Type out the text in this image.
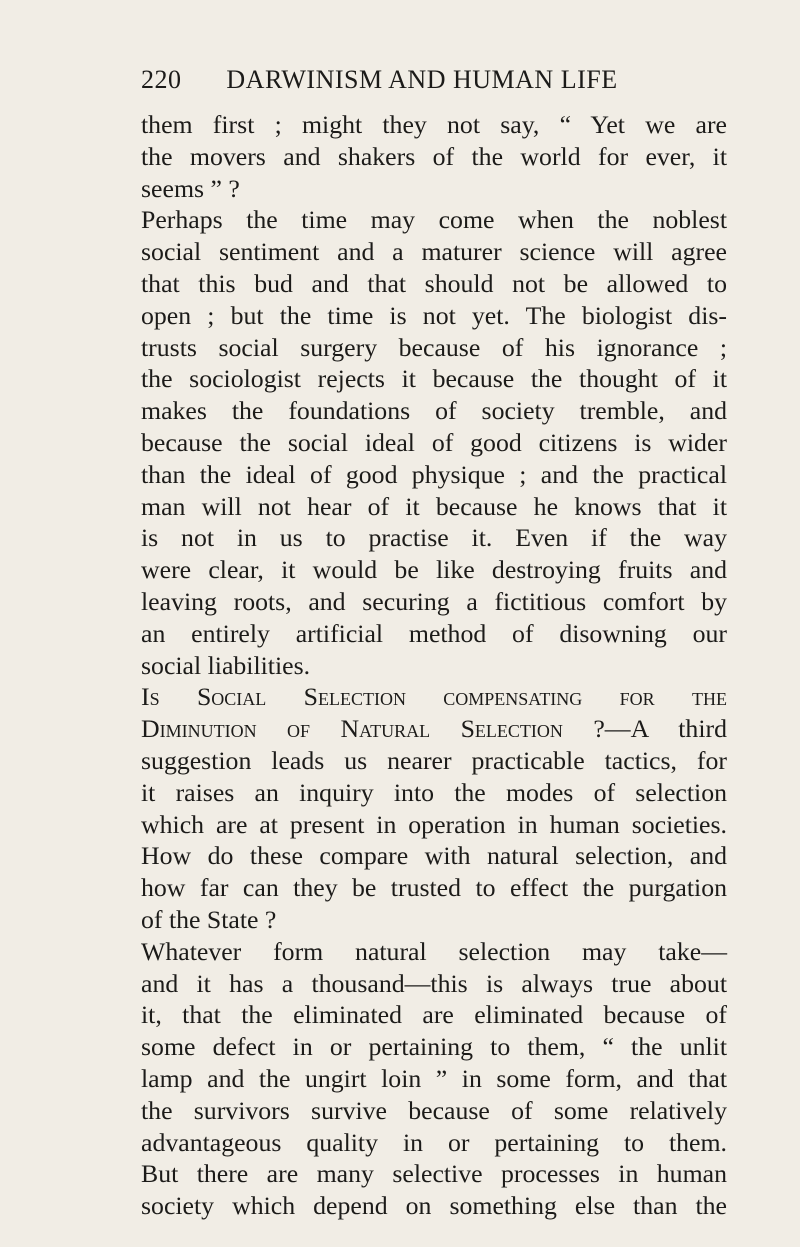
220	DARWINISM AND HUMAN LIFE
them first ; might they not say, “ Yet we are
the movers and shakers of the world for ever, it
seems ” ?
Perhaps the time may come when the noblest
social sentiment and a maturer science will agree
that this bud and that should not be allowed to
open ; but the time is not yet. The biologist dis-
trusts social surgery because of his ignorance ;
the sociologist rejects it because the thought of it
makes the foundations of society tremble, and
because the social ideal of good citizens is wider
than the ideal of good physique ; and the practical
man will not hear of it because he knows that it
is not in us to practise it. Even if the way
were clear, it would be like destroying fruits and
leaving roots, and securing a fictitious comfort by
an entirely artificial method of disowning our
social liabilities.
Is Social Selection compensating for the
Diminution of Natural Selection ?—A third
suggestion leads us nearer practicable tactics, for
it raises an inquiry into the modes of selection
which are at present in operation in human societies.
How do these compare with natural selection, and
how far can they be trusted to effect the purgation
of the State ?
Whatever form natural selection may take—
and it has a thousand—this is always true about
it, that the eliminated are eliminated because of
some defect in or pertaining to them, “ the unlit
lamp and the ungirt loin ” in some form, and that
the survivors survive because of some relatively
advantageous quality in or pertaining to them.
But there are many selective processes in human
society which depend on something else than the
